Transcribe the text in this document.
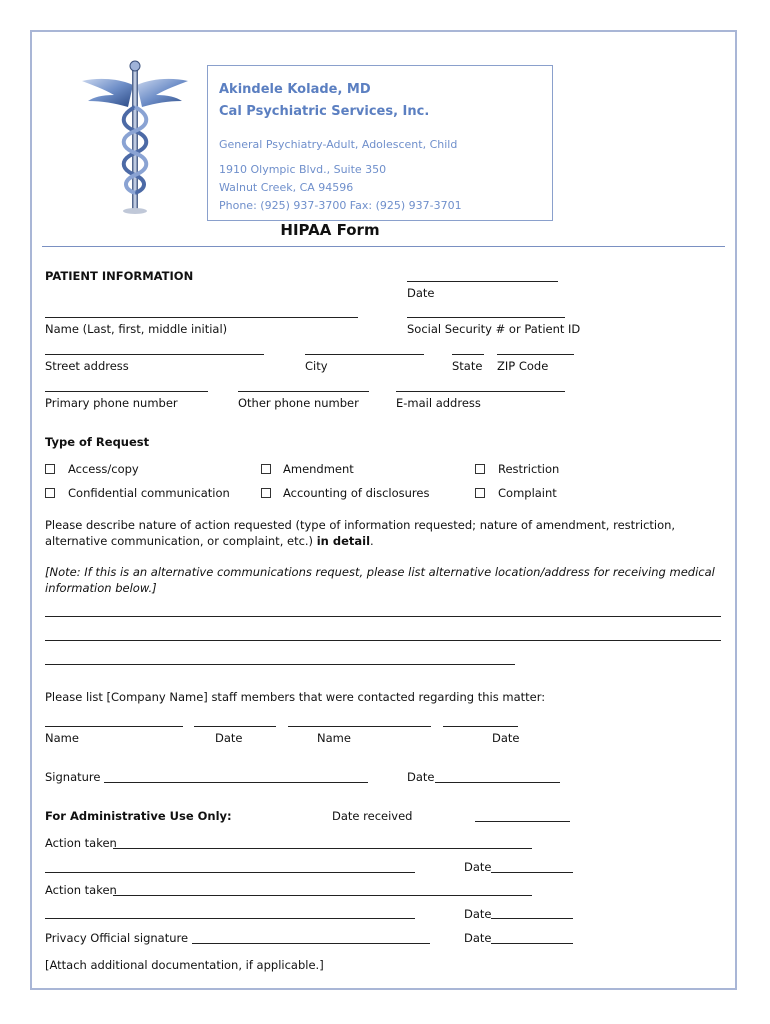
Akindele Kolade, MD
Cal Psychiatric Services, Inc.
General Psychiatry-Adult, Adolescent, Child
1910 Olympic Blvd., Suite 350
Walnut Creek, CA 94596
Phone: (925) 937-3700 Fax: (925) 937-3701
HIPAA Form
PATIENT INFORMATION
Date
Name (Last, first, middle initial)	Social Security # or Patient ID
Street address	City	State ZIP Code
Primary phone number	Other phone number	E-mail address
Type of Request
Access/copy	Amendment	Restriction
Confidential communication	Accounting of disclosures	Complaint
Please describe nature of action requested (type of information requested; nature of amendment, restriction, alternative communication, or complaint, etc.) in detail.
[Note: If this is an alternative communications request, please list alternative location/address for receiving medical information below.]
Please list [Company Name] staff members that were contacted regarding this matter:
Name	Date	Name	Date
Signature	Date
For Administrative Use Only:	Date received
Action taken
Date
Action taken
Date
Privacy Official signature	Date
[Attach additional documentation, if applicable.]
